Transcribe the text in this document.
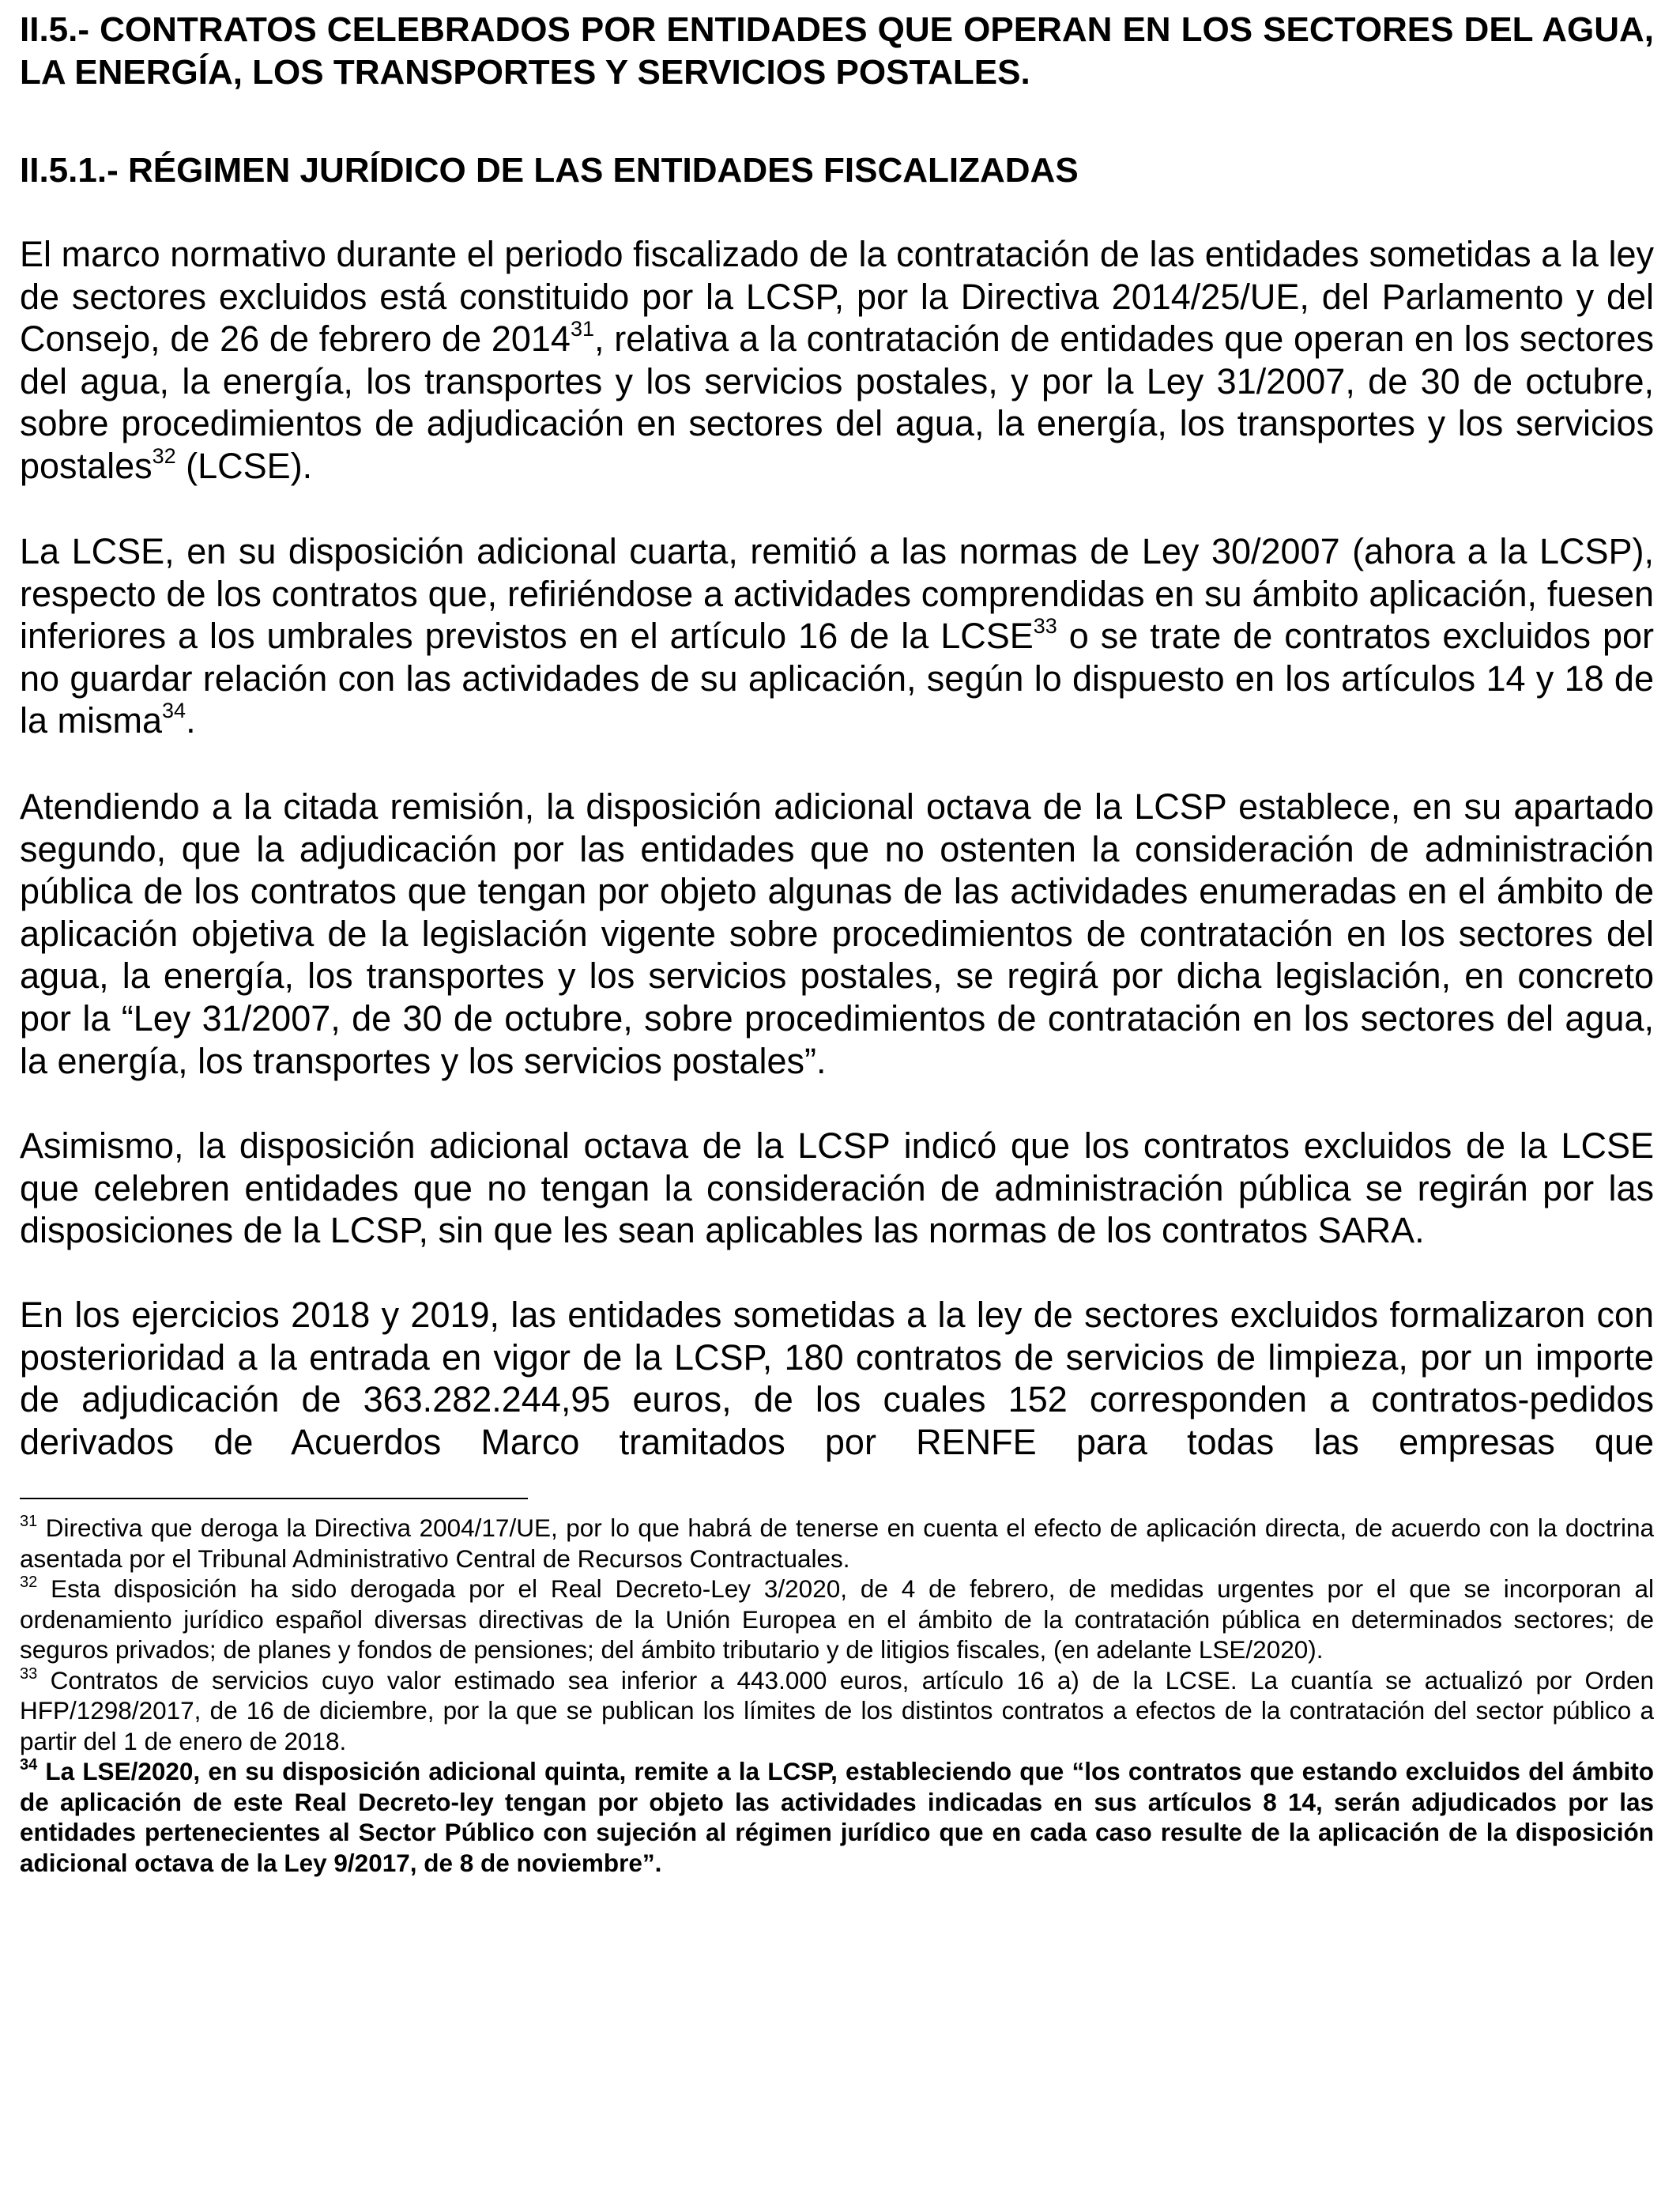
II.5.- CONTRATOS CELEBRADOS POR ENTIDADES QUE OPERAN EN LOS SECTORES DEL AGUA, LA ENERGÍA, LOS TRANSPORTES Y SERVICIOS POSTALES.

II.5.1.- RÉGIMEN JURÍDICO DE LAS ENTIDADES FISCALIZADAS

El marco normativo durante el periodo fiscalizado de la contratación de las entidades sometidas a la ley de sectores excluidos está constituido por la LCSP, por la Directiva 2014/25/UE, del Parlamento y del Consejo, de 26 de febrero de 2014$^{31}$, relativa a la contratación de entidades que operan en los sectores del agua, la energía, los transportes y los servicios postales, y por la Ley 31/2007, de 30 de octubre, sobre procedimientos de adjudicación en sectores del agua, la energía, los transportes y los servicios postales$^{32}$ (LCSE).

La LCSE, en su disposición adicional cuarta, remitió a las normas de Ley 30/2007 (ahora a la LCSP), respecto de los contratos que, refiriéndose a actividades comprendidas en su ámbito aplicación, fuesen inferiores a los umbrales previstos en el artículo 16 de la LCSE$^{33}$ o se trate de contratos excluidos por no guardar relación con las actividades de su aplicación, según lo dispuesto en los artículos 14 y 18 de la misma$^{34}$.

Atendiendo a la citada remisión, la disposición adicional octava de la LCSP establece, en su apartado segundo, que la adjudicación por las entidades que no ostenten la consideración de administración pública de los contratos que tengan por objeto algunas de las actividades enumeradas en el ámbito de aplicación objetiva de la legislación vigente sobre procedimientos de contratación en los sectores del agua, la energía, los transportes y los servicios postales, se regirá por dicha legislación, en concreto por la “Ley 31/2007, de 30 de octubre, sobre procedimientos de contratación en los sectores del agua, la energía, los transportes y los servicios postales”.

Asimismo, la disposición adicional octava de la LCSP indicó que los contratos excluidos de la LCSE que celebren entidades que no tengan la consideración de administración pública se regirán por las disposiciones de la LCSP, sin que les sean aplicables las normas de los contratos SARA.

En los ejercicios 2018 y 2019, las entidades sometidas a la ley de sectores excluidos formalizaron con posterioridad a la entrada en vigor de la LCSP, 180 contratos de servicios de limpieza, por un importe de adjudicación de 363.282.244,95 euros, de los cuales 152 corresponden a contratos-pedidos derivados de Acuerdos Marco tramitados por RENFE para todas las empresas que

$^{31}$ Directiva que deroga la Directiva 2004/17/UE, por lo que habrá de tenerse en cuenta el efecto de aplicación directa, de acuerdo con la doctrina asentada por el Tribunal Administrativo Central de Recursos Contractuales.

$^{32}$ Esta disposición ha sido derogada por el Real Decreto-Ley 3/2020, de 4 de febrero, de medidas urgentes por el que se incorporan al ordenamiento jurídico español diversas directivas de la Unión Europea en el ámbito de la contratación pública en determinados sectores; de seguros privados; de planes y fondos de pensiones; del ámbito tributario y de litigios fiscales, (en adelante LSE/2020).

$^{33}$ Contratos de servicios cuyo valor estimado sea inferior a 443.000 euros, artículo 16 a) de la LCSE. La cuantía se actualizó por Orden HFP/1298/2017, de 16 de diciembre, por la que se publican los límites de los distintos contratos a efectos de la contratación del sector público a partir del 1 de enero de 2018.

$^{34}$ La LSE/2020, en su disposición adicional quinta, remite a la LCSP, estableciendo que “los contratos que estando excluidos del ámbito de aplicación de este Real Decreto-ley tengan por objeto las actividades indicadas en sus artículos 8 14, serán adjudicados por las entidades pertenecientes al Sector Público con sujeción al régimen jurídico que en cada caso resulte de la aplicación de la disposición adicional octava de la Ley 9/2017, de 8 de noviembre”.
